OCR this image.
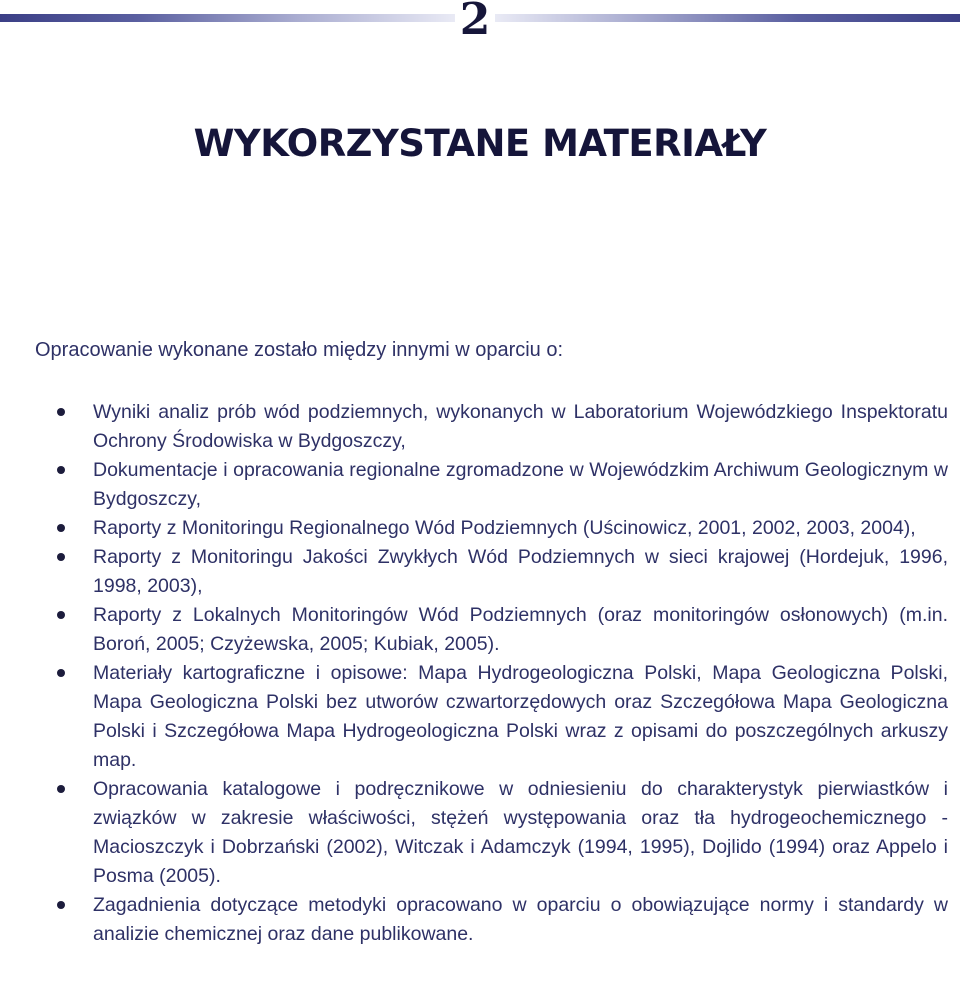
2
WYKORZYSTANE MATERIAŁY

Opracowanie wykonane zostało między innymi w oparciu o:

Wyniki analiz prób wód podziemnych, wykonanych w Laboratorium Wojewódzkiego Inspektoratu Ochrony Środowiska w Bydgoszczy,
Dokumentacje i opracowania regionalne zgromadzone w Wojewódzkim Archiwum Geologicznym w Bydgoszczy,
Raporty z Monitoringu Regionalnego Wód Podziemnych (Uścinowicz, 2001, 2002, 2003, 2004),
Raporty z Monitoringu Jakości Zwykłych Wód Podziemnych w sieci krajowej (Hordejuk, 1996, 1998, 2003),
Raporty z Lokalnych Monitoringów Wód Podziemnych (oraz monitoringów osłonowych) (m.in. Boroń, 2005; Czyżewska, 2005; Kubiak, 2005).
Materiały kartograficzne i opisowe: Mapa Hydrogeologiczna Polski, Mapa Geologiczna Polski, Mapa Geologiczna Polski bez utworów czwartorzędowych oraz Szczegółowa Mapa Geologiczna Polski i Szczegółowa Mapa Hydrogeologiczna Polski wraz z opisami do poszczególnych arkuszy map.
Opracowania katalogowe i podręcznikowe w odniesieniu do charakterystyk pierwiastków i związków w zakresie właściwości, stężeń występowania oraz tła hydrogeochemicznego - Macioszczyk i Dobrzański (2002), Witczak i Adamczyk (1994, 1995), Dojlido (1994) oraz Appelo i Posma (2005).
Zagadnienia dotyczące metodyki opracowano w oparciu o obowiązujące normy i standardy w analizie chemicznej oraz dane publikowane.
